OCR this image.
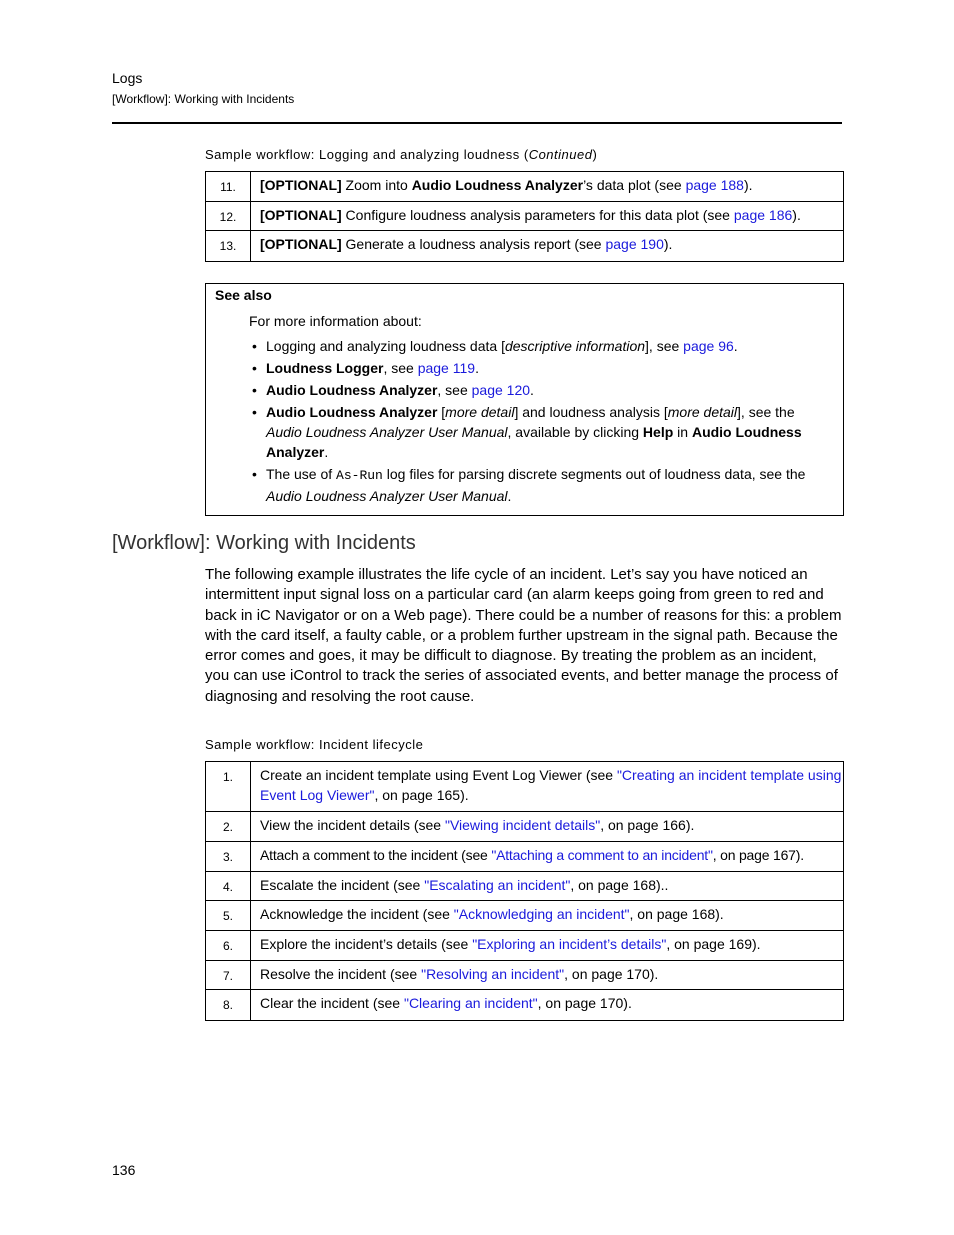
Logs
[Workflow]: Working with Incidents
Sample workflow: Logging and analyzing loudness (Continued)
11.	[OPTIONAL] Zoom into Audio Loudness Analyzer’s data plot (see page 188).
12.	[OPTIONAL] Configure loudness analysis parameters for this data plot (see page 186).
13.	[OPTIONAL] Generate a loudness analysis report (see page 190).
See also
For more information about:
• Logging and analyzing loudness data [descriptive information], see page 96.
• Loudness Logger, see page 119.
• Audio Loudness Analyzer, see page 120.
• Audio Loudness Analyzer [more detail] and loudness analysis [more detail], see the Audio Loudness Analyzer User Manual, available by clicking Help in Audio Loudness Analyzer.
• The use of As-Run log files for parsing discrete segments out of loudness data, see the Audio Loudness Analyzer User Manual.
[Workflow]: Working with Incidents
The following example illustrates the life cycle of an incident. Let’s say you have noticed an intermittent input signal loss on a particular card (an alarm keeps going from green to red and back in iC Navigator or on a Web page). There could be a number of reasons for this: a problem with the card itself, a faulty cable, or a problem further upstream in the signal path. Because the error comes and goes, it may be difficult to diagnose. By treating the problem as an incident, you can use iControl to track the series of associated events, and better manage the process of diagnosing and resolving the root cause.
Sample workflow: Incident lifecycle
1.	Create an incident template using Event Log Viewer (see "Creating an incident template using Event Log Viewer", on page 165).
2.	View the incident details (see "Viewing incident details", on page 166).
3.	Attach a comment to the incident (see "Attaching a comment to an incident", on page 167).
4.	Escalate the incident (see "Escalating an incident", on page 168)..
5.	Acknowledge the incident (see "Acknowledging an incident", on page 168).
6.	Explore the incident’s details (see "Exploring an incident’s details", on page 169).
7.	Resolve the incident (see "Resolving an incident", on page 170).
8.	Clear the incident (see "Clearing an incident", on page 170).
136
